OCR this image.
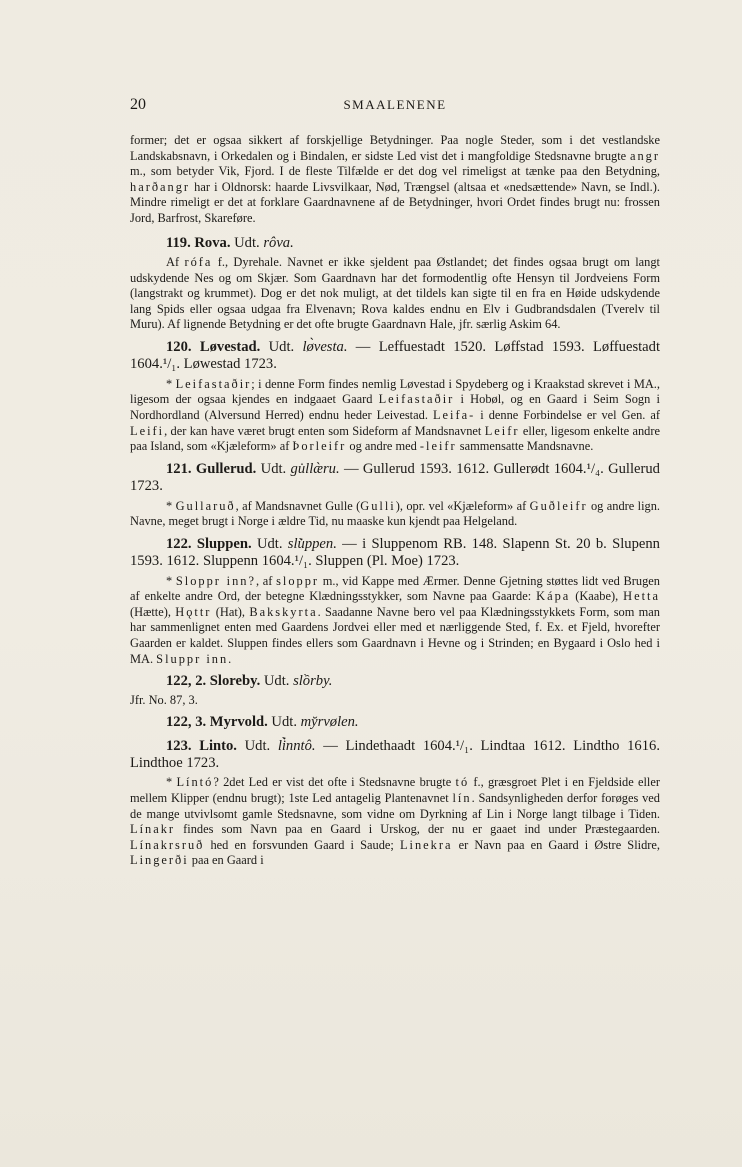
20	SMAALENENE

former; det er ogsaa sikkert af forskjellige Betydninger. Paa nogle Steder, som i det vestlandske Landskabsnavn, i Orkedalen og i Bindalen, er sidste Led vist det i mangfoldige Stedsnavne brugte angr m., som betyder Vik, Fjord. I de fleste Tilfælde er det dog vel rimeligst at tænke paa den Betydning, harðangr har i Oldnorsk: haarde Livsvilkaar, Nød, Trængsel (altsaa et «nedsættende» Navn, se Indl.). Mindre rimeligt er det at forklare Gaardnavnene af de Betydninger, hvori Ordet findes brugt nu: frossen Jord, Barfrost, Skareføre.

119. Rova. Udt. rôva.

Af rófa f., Dyrehale. Navnet er ikke sjeldent paa Østlandet; det findes ogsaa brugt om langt udskydende Nes og om Skjær. Som Gaardnavn har det formodentlig ofte Hensyn til Jordveiens Form (langstrakt og krummet). Dog er det nok muligt, at det tildels kan sigte til en fra en Høide udskydende lang Spids eller ogsaa udgaa fra Elvenavn; Rova kaldes endnu en Elv i Gudbrandsdalen (Tverelv til Muru). Af lignende Betydning er det ofte brugte Gaardnavn Hale, jfr. særlig Askim 64.

120. Løvestad. Udt. lø̀vesta. — Leffuestadt 1520. Løffstad 1593. Løffuestadt 1604.¹/₁. Løwestad 1723.

* Leifastaðir; i denne Form findes nemlig Løvestad i Spydeberg og i Kraakstad skrevet i MA., ligesom der ogsaa kjendes en indgaaet Gaard Leifastaðir i Hobøl, og en Gaard i Seim Sogn i Nordhordland (Alversund Herred) endnu heder Leivestad. Leifa- i denne Forbindelse er vel Gen. af Leifi, der kan have været brugt enten som Sideform af Mandsnavnet Leifr eller, ligesom enkelte andre paa Island, som «Kjæleform» af Þorleifr og andre med -leifr sammensatte Mandsnavne.

121. Gullerud. Udt. gu̇llæ̀ru. — Gullerud 1593. 1612. Gullerødt 1604.¹/₄. Gullerud 1723.

* Gullaruð, af Mandsnavnet Gulle (Gulli), opr. vel «Kjæleform» af Guðleifr og andre lign. Navne, meget brugt i Norge i ældre Tid, nu maaske kun kjendt paa Helgeland.

122. Sluppen. Udt. slu̇̀ppen. — i Sluppenom RB. 148. Slapenn St. 20 b. Slupenn 1593. 1612. Sluppenn 1604.¹/₁. Sluppen (Pl. Moe) 1723.

* Sloppr inn?, af sloppr m., vid Kappe med Ærmer. Denne Gjetning støttes lidt ved Brugen af enkelte andre Ord, der betegne Klædningsstykker, som Navne paa Gaarde: Kápa (Kaabe), Hetta (Hætte), Hǫttr (Hat), Bakskyrta. Saadanne Navne bero vel paa Klædningsstykkets Form, som man har sammenlignet enten med Gaardens Jordvei eller med et nærliggende Sted, f. Ex. et Fjeld, hvorefter Gaarden er kaldet. Sluppen findes ellers som Gaardnavn i Hevne og i Strinden; en Bygaard i Oslo hed i MA. Sluppr inn.

122, 2. Sloreby. Udt. slồrby.

Jfr. No. 87, 3.

122, 3. Myrvold. Udt. my̆rvølen.

123. Linto. Udt. li̇̀nntô. — Lindethaadt 1604.¹/₁. Lindtaa 1612. Lindtho 1616. Lindthoe 1723.

* Líntó? 2det Led er vist det ofte i Stedsnavne brugte tó f., græsgroet Plet i en Fjeldside eller mellem Klipper (endnu brugt); 1ste Led antagelig Plantenavnet lín. Sandsynligheden derfor forøges ved de mange utvivlsomt gamle Stedsnavne, som vidne om Dyrkning af Lin i Norge langt tilbage i Tiden. Línakr findes som Navn paa en Gaard i Urskog, der nu er gaaet ind under Præstegaarden. Línakrsruð hed en forsvunden Gaard i Saude; Linekra er Navn paa en Gaard i Østre Slidre, Lingerði paa en Gaard i
